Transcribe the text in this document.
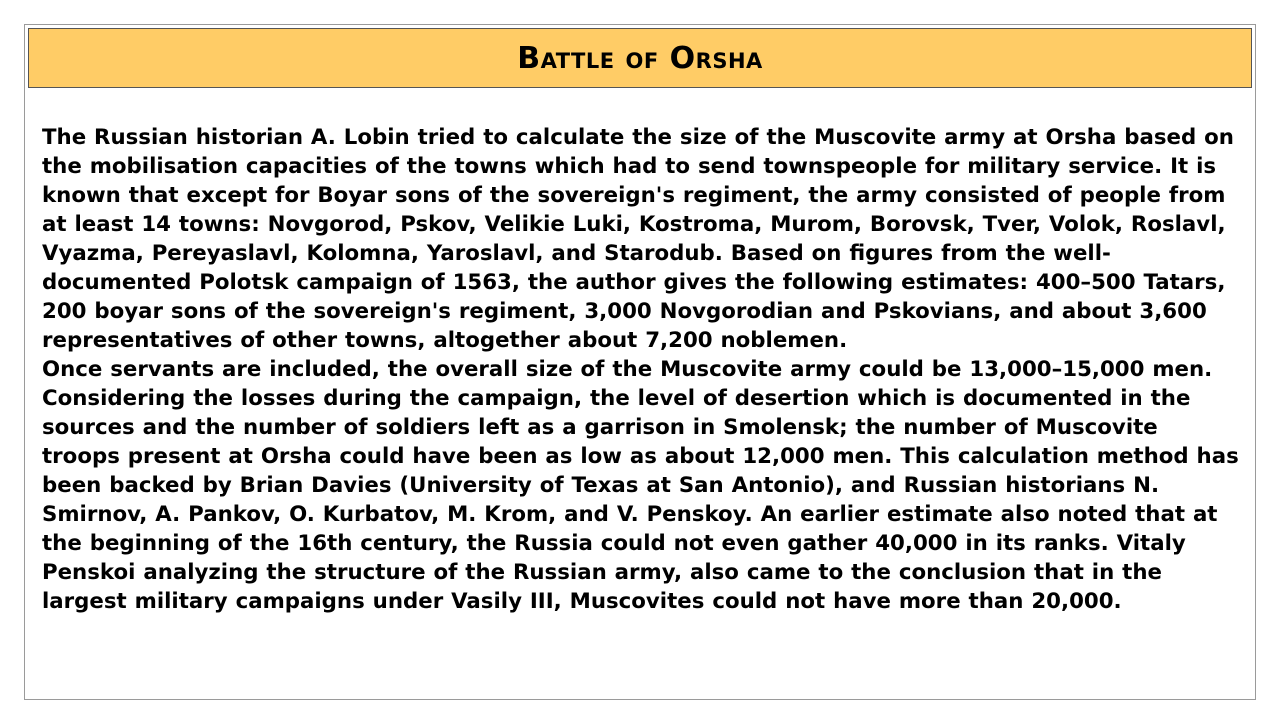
Battle of Orsha

The Russian historian A. Lobin tried to calculate the size of the Muscovite army at Orsha based on the mobilisation capacities of the towns which had to send townspeople for military service. It is known that except for Boyar sons of the sovereign's regiment, the army consisted of people from at least 14 towns: Novgorod, Pskov, Velikie Luki, Kostroma, Murom, Borovsk, Tver, Volok, Roslavl, Vyazma, Pereyaslavl, Kolomna, Yaroslavl, and Starodub. Based on figures from the well-documented Polotsk campaign of 1563, the author gives the following estimates: 400–500 Tatars, 200 boyar sons of the sovereign's regiment, 3,000 Novgorodian and Pskovians, and about 3,600 representatives of other towns, altogether about 7,200 noblemen.

Once servants are included, the overall size of the Muscovite army could be 13,000–15,000 men. Considering the losses during the campaign, the level of desertion which is documented in the sources and the number of soldiers left as a garrison in Smolensk; the number of Muscovite troops present at Orsha could have been as low as about 12,000 men. This calculation method has been backed by Brian Davies (University of Texas at San Antonio), and Russian historians N. Smirnov, A. Pankov, O. Kurbatov, M. Krom, and V. Penskoy. An earlier estimate also noted that at the beginning of the 16th century, the Russia could not even gather 40,000 in its ranks. Vitaly Penskoi analyzing the structure of the Russian army, also came to the conclusion that in the largest military campaigns under Vasily III, Muscovites could not have more than 20,000.
